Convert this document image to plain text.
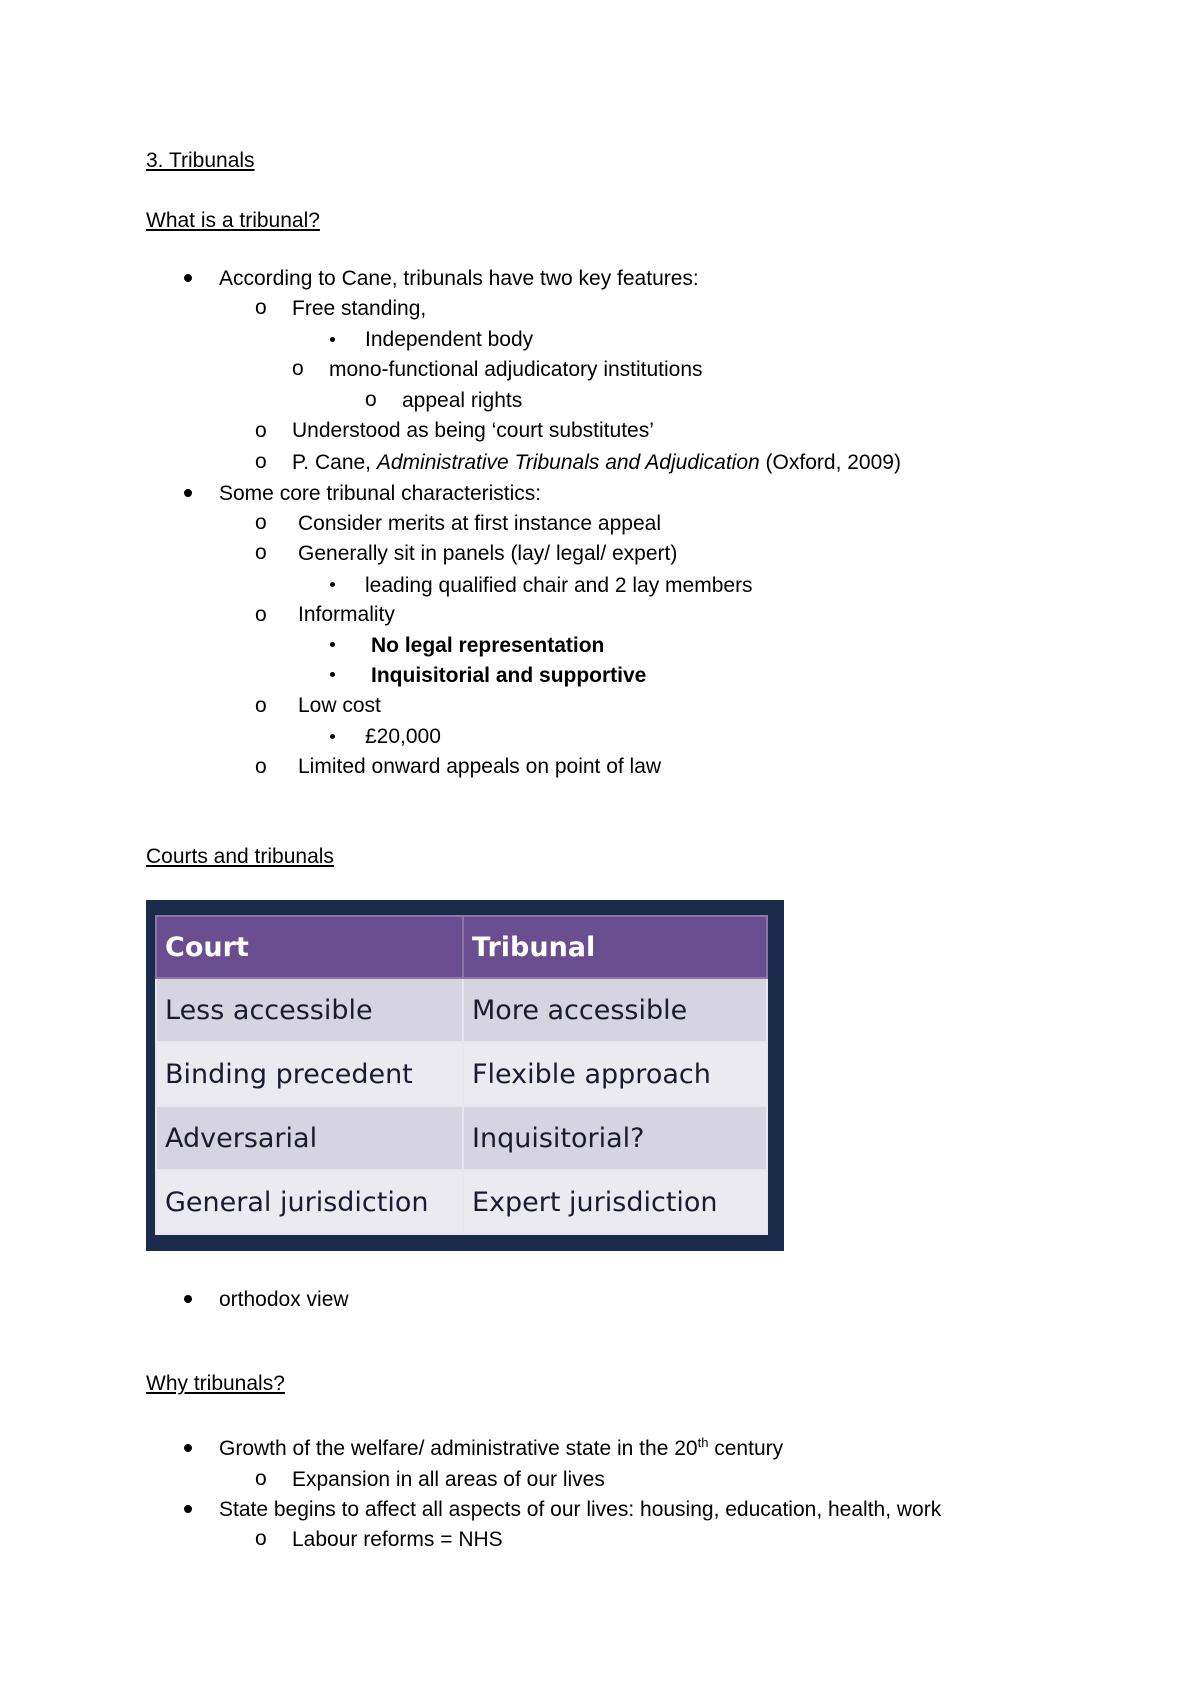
3. Tribunals
What is a tribunal?
According to Cane, tribunals have two key features:
o Free standing,
Independent body
o mono-functional adjudicatory institutions
o appeal rights
o Understood as being ‘court substitutes’
o P. Cane, Administrative Tribunals and Adjudication (Oxford, 2009)
Some core tribunal characteristics:
o Consider merits at first instance appeal
o Generally sit in panels (lay/ legal/ expert)
leading qualified chair and 2 lay members
o Informality
No legal representation
Inquisitorial and supportive
o Low cost
£20,000
o Limited onward appeals on point of law
Courts and tribunals
Court	Tribunal
Less accessible	More accessible
Binding precedent	Flexible approach
Adversarial	Inquisitorial?
General jurisdiction	Expert jurisdiction
orthodox view
Why tribunals?
Growth of the welfare/ administrative state in the 20th century
o Expansion in all areas of our lives
State begins to affect all aspects of our lives: housing, education, health, work
o Labour reforms = NHS
